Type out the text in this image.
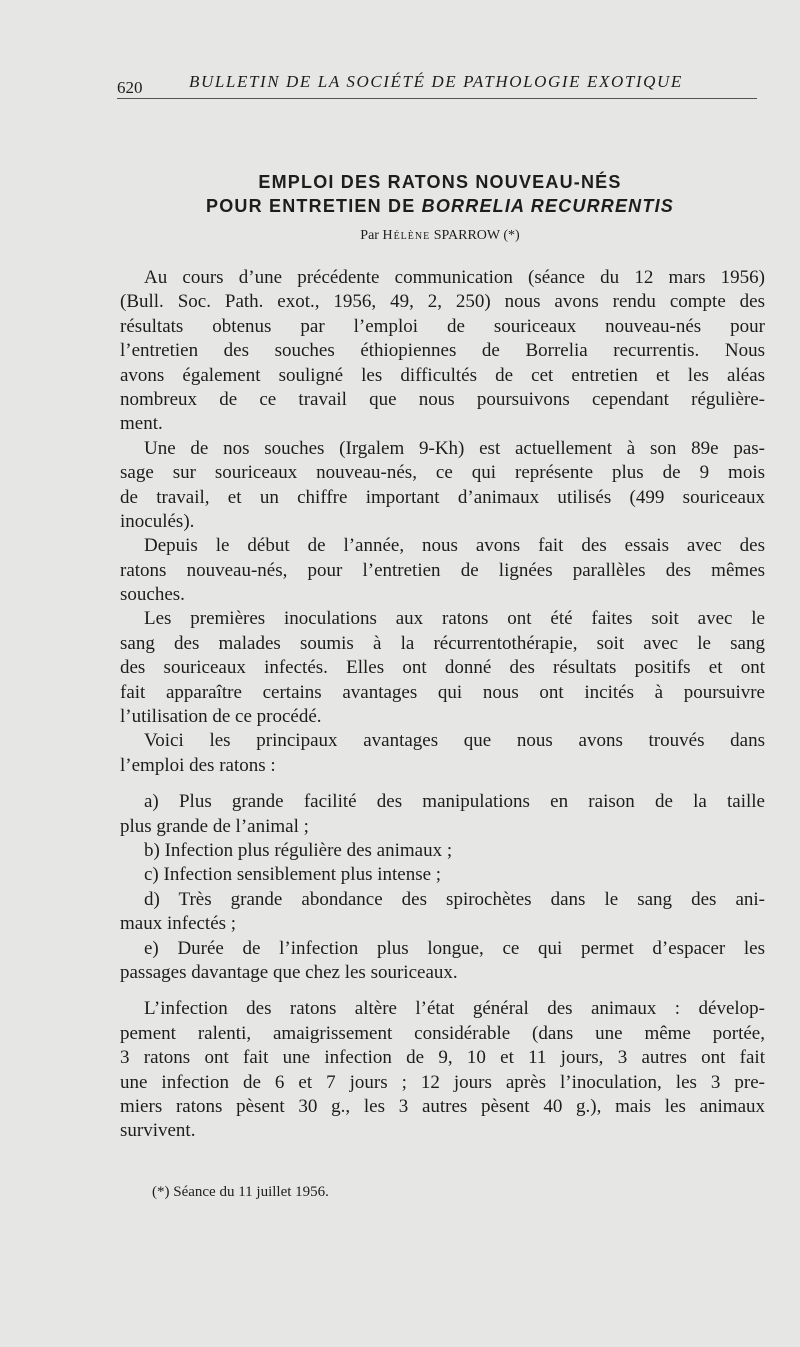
620	BULLETIN DE LA SOCIÉTÉ DE PATHOLOGIE EXOTIQUE
EMPLOI DES RATONS NOUVEAU-NÉS
POUR ENTRETIEN DE BORRELIA RECURRENTIS
Par Hélène SPARROW (*)
Au cours d’une précédente communication (séance du 12 mars 1956)
(Bull. Soc. Path. exot., 1956, 49, 2, 250) nous avons rendu compte des
résultats obtenus par l’emploi de souriceaux nouveau-nés pour
l’entretien des souches éthiopiennes de Borrelia recurrentis. Nous
avons également souligné les difficultés de cet entretien et les aléas
nombreux de ce travail que nous poursuivons cependant régulière-
ment.
Une de nos souches (Irgalem 9-Kh) est actuellement à son 89e pas-
sage sur souriceaux nouveau-nés, ce qui représente plus de 9 mois
de travail, et un chiffre important d’animaux utilisés (499 souriceaux
inoculés).
Depuis le début de l’année, nous avons fait des essais avec des
ratons nouveau-nés, pour l’entretien de lignées parallèles des mêmes
souches.
Les premières inoculations aux ratons ont été faites soit avec le
sang des malades soumis à la récurrentothérapie, soit avec le sang
des souriceaux infectés. Elles ont donné des résultats positifs et ont
fait apparaître certains avantages qui nous ont incités à poursuivre
l’utilisation de ce procédé.
Voici les principaux avantages que nous avons trouvés dans
l’emploi des ratons :
a) Plus grande facilité des manipulations en raison de la taille
plus grande de l’animal ;
b) Infection plus régulière des animaux ;
c) Infection sensiblement plus intense ;
d) Très grande abondance des spirochètes dans le sang des ani-
maux infectés ;
e) Durée de l’infection plus longue, ce qui permet d’espacer les
passages davantage que chez les souriceaux.
L’infection des ratons altère l’état général des animaux : dévelop-
pement ralenti, amaigrissement considérable (dans une même portée,
3 ratons ont fait une infection de 9, 10 et 11 jours, 3 autres ont fait
une infection de 6 et 7 jours ; 12 jours après l’inoculation, les 3 pre-
miers ratons pèsent 30 g., les 3 autres pèsent 40 g.), mais les animaux
survivent.
(*) Séance du 11 juillet 1956.
